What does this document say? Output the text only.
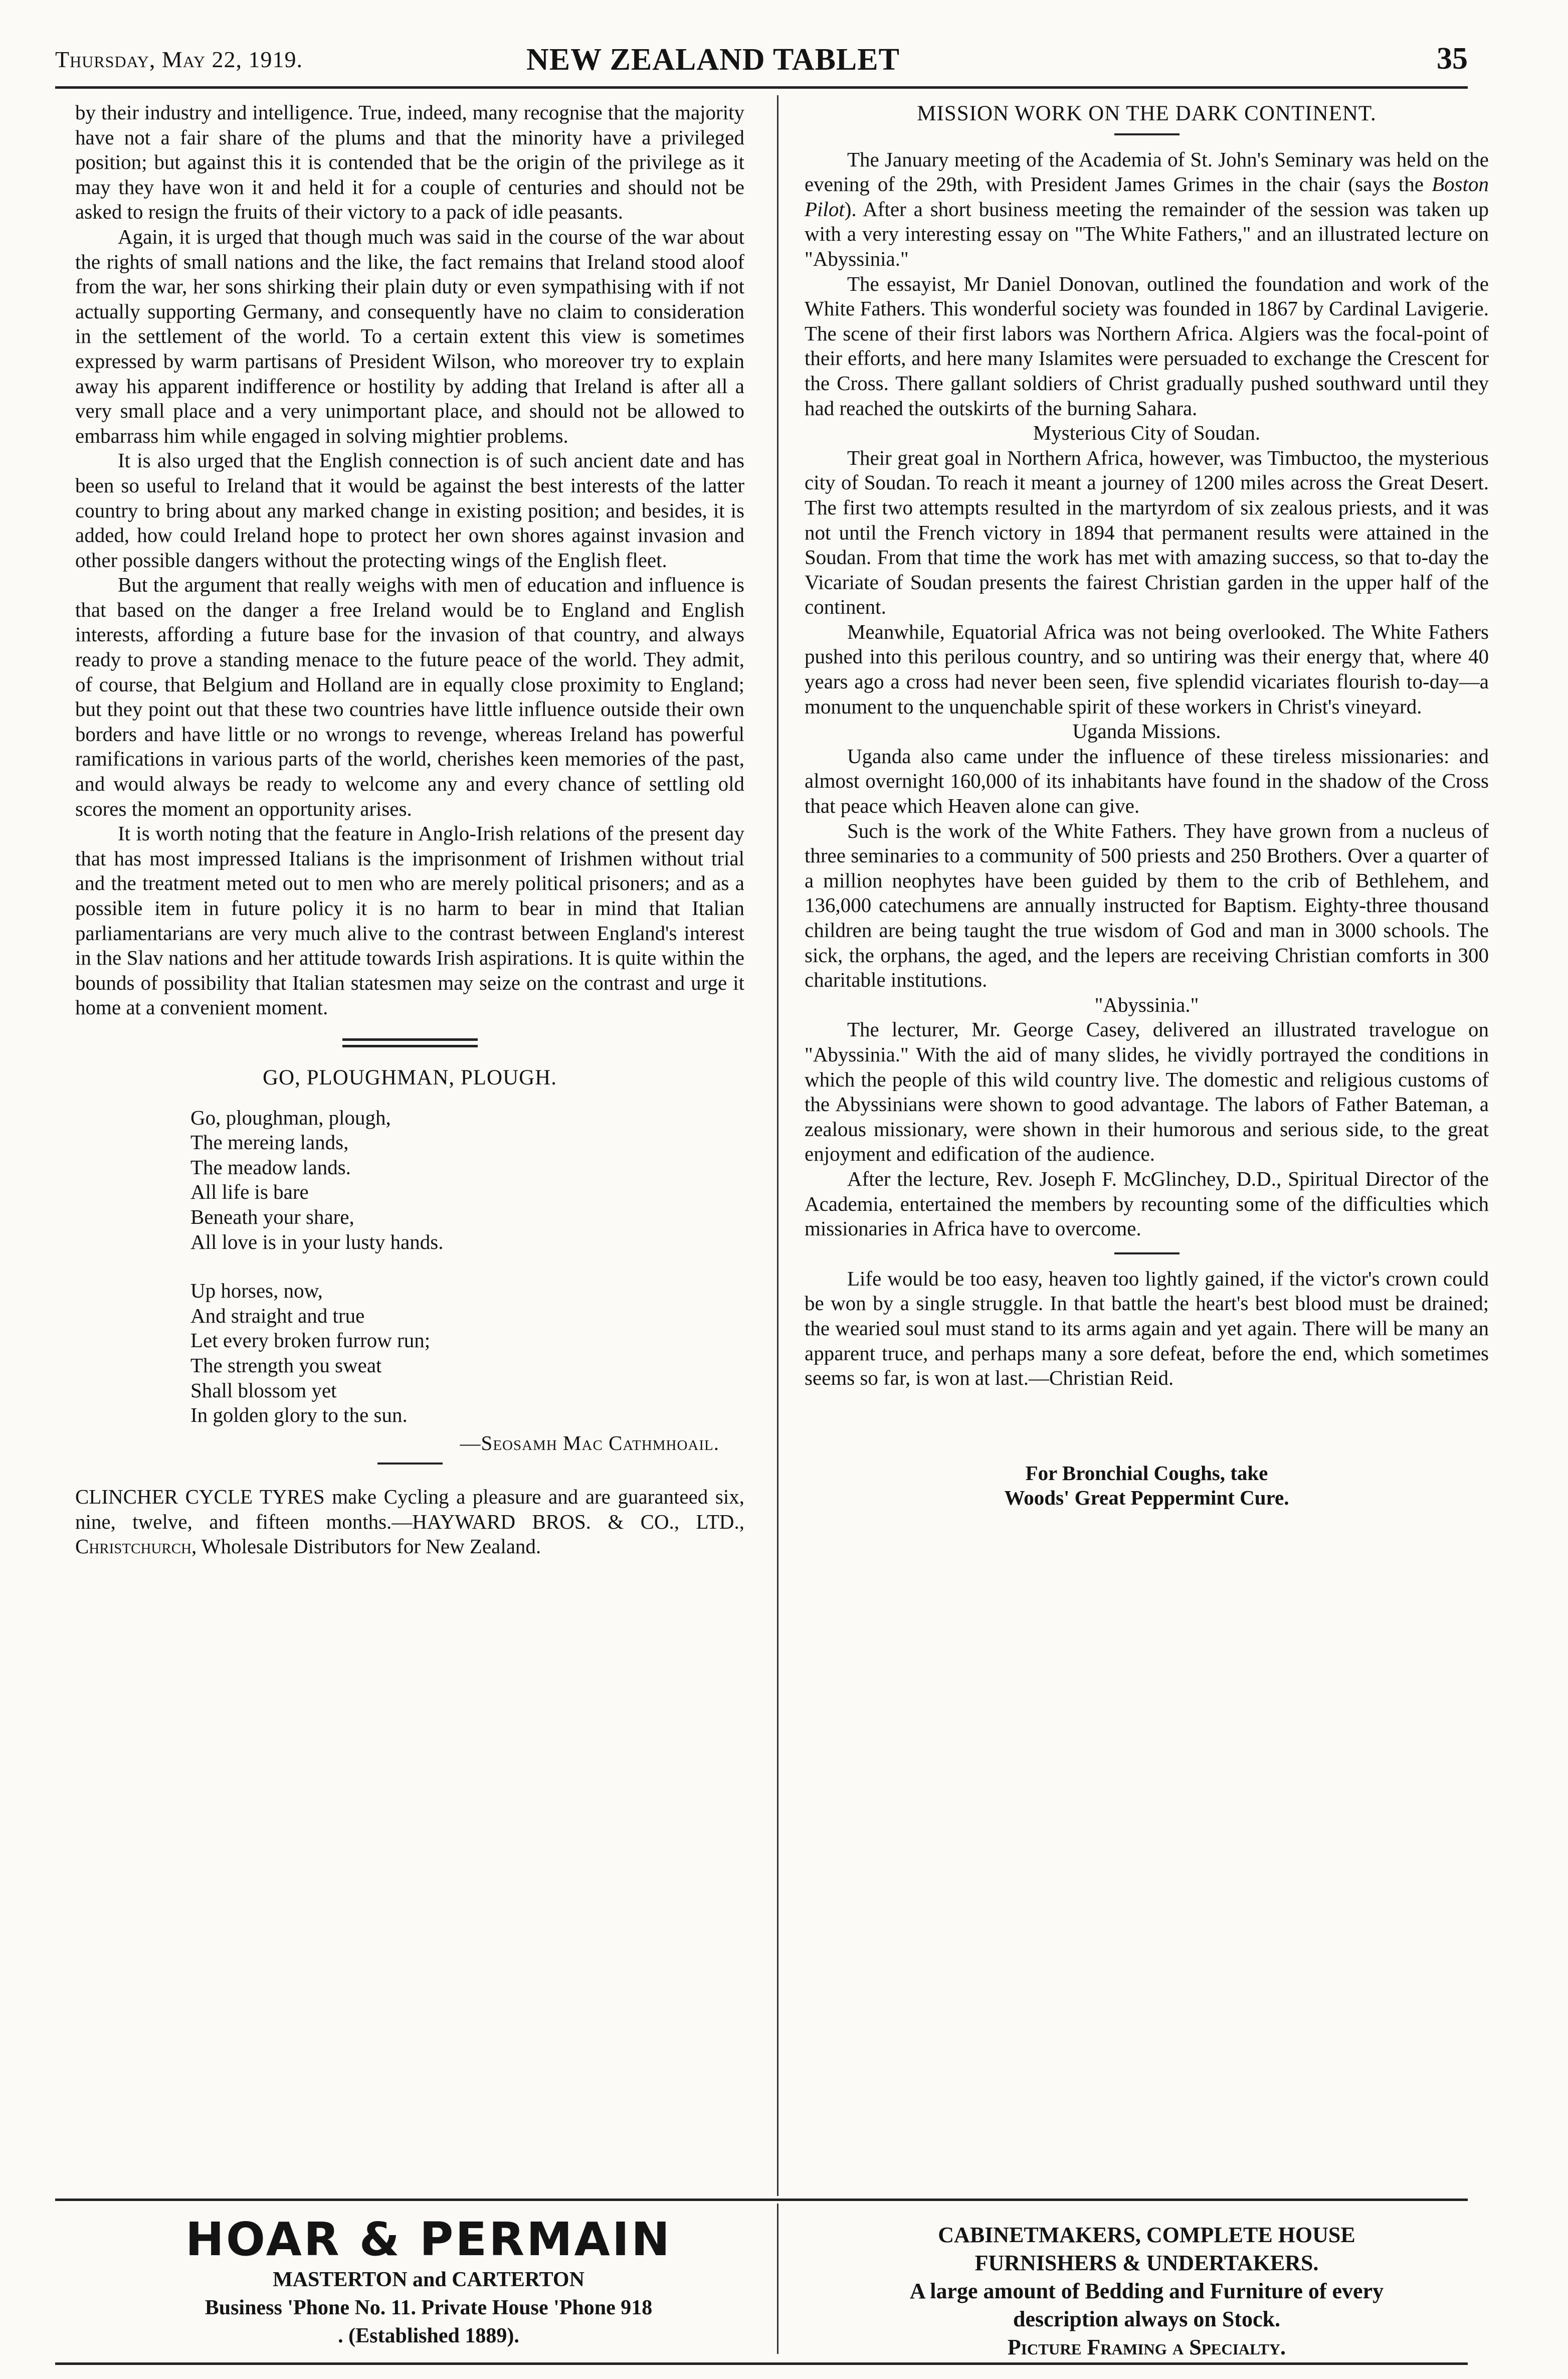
Thursday, May 22, 1919.	NEW ZEALAND TABLET	35

by their industry and intelligence. True, indeed, many recognise that the majority have not a fair share of the plums and that the minority have a privileged position; but against this it is contended that be the origin of the privilege as it may they have won it and held it for a couple of centuries and should not be asked to resign the fruits of their victory to a pack of idle peasants.

Again, it is urged that though much was said in the course of the war about the rights of small nations and the like, the fact remains that Ireland stood aloof from the war, her sons shirking their plain duty or even sympathising with if not actually supporting Germany, and consequently have no claim to consideration in the settlement of the world. To a certain extent this view is sometimes expressed by warm partisans of President Wilson, who moreover try to explain away his apparent indifference or hostility by adding that Ireland is after all a very small place and a very unimportant place, and should not be allowed to embarrass him while engaged in solving mightier problems.

It is also urged that the English connection is of such ancient date and has been so useful to Ireland that it would be against the best interests of the latter country to bring about any marked change in existing position; and besides, it is added, how could Ireland hope to protect her own shores against invasion and other possible dangers without the protecting wings of the English fleet.

But the argument that really weighs with men of education and influence is that based on the danger a free Ireland would be to England and English interests, affording a future base for the invasion of that country, and always ready to prove a standing menace to the future peace of the world. They admit, of course, that Belgium and Holland are in equally close proximity to England; but they point out that these two countries have little influence outside their own borders and have little or no wrongs to revenge, whereas Ireland has powerful ramifications in various parts of the world, cherishes keen memories of the past, and would always be ready to welcome any and every chance of settling old scores the moment an opportunity arises.

It is worth noting that the feature in Anglo-Irish relations of the present day that has most impressed Italians is the imprisonment of Irishmen without trial and the treatment meted out to men who are merely political prisoners; and as a possible item in future policy it is no harm to bear in mind that Italian parliamentarians are very much alive to the contrast between England's interest in the Slav nations and her attitude towards Irish aspirations. It is quite within the bounds of possibility that Italian statesmen may seize on the contrast and urge it home at a convenient moment.

GO, PLOUGHMAN, PLOUGH.
Go, ploughman, plough,
The mereing lands,
The meadow lands.
All life is bare
Beneath your share,
All love is in your lusty hands.
Up horses, now,
And straight and true
Let every broken furrow run;
The strength you sweat
Shall blossom yet
In golden glory to the sun.
—Seosamh Mac Cathmhoail.
CLINCHER CYCLE TYRES make Cycling a pleasure and are guaranteed six, nine, twelve, and fifteen months.—HAYWARD BROS. & CO., LTD., Christchurch, Wholesale Distributors for New Zealand.
MISSION WORK ON THE DARK CONTINENT.

The January meeting of the Academia of St. John's Seminary was held on the evening of the 29th, with President James Grimes in the chair (says the Boston Pilot). After a short business meeting the remainder of the session was taken up with a very interesting essay on "The White Fathers," and an illustrated lecture on "Abyssinia."

The essayist, Mr Daniel Donovan, outlined the foundation and work of the White Fathers. This wonderful society was founded in 1867 by Cardinal Lavigerie. The scene of their first labors was Northern Africa. Algiers was the focal-point of their efforts, and here many Islamites were persuaded to exchange the Crescent for the Cross. There gallant soldiers of Christ gradually pushed southward until they had reached the outskirts of the burning Sahara.

Mysterious City of Soudan.

Their great goal in Northern Africa, however, was Timbuctoo, the mysterious city of Soudan. To reach it meant a journey of 1200 miles across the Great Desert. The first two attempts resulted in the martyrdom of six zealous priests, and it was not until the French victory in 1894 that permanent results were attained in the Soudan. From that time the work has met with amazing success, so that to-day the Vicariate of Soudan presents the fairest Christian garden in the upper half of the continent.

Meanwhile, Equatorial Africa was not being overlooked. The White Fathers pushed into this perilous country, and so untiring was their energy that, where 40 years ago a cross had never been seen, five splendid vicariates flourish to-day—a monument to the unquenchable spirit of these workers in Christ's vineyard.

Uganda Missions.

Uganda also came under the influence of these tireless missionaries: and almost overnight 160,000 of its inhabitants have found in the shadow of the Cross that peace which Heaven alone can give.

Such is the work of the White Fathers. They have grown from a nucleus of three seminaries to a community of 500 priests and 250 Brothers. Over a quarter of a million neophytes have been guided by them to the crib of Bethlehem, and 136,000 catechumens are annually instructed for Baptism. Eighty-three thousand children are being taught the true wisdom of God and man in 3000 schools. The sick, the orphans, the aged, and the lepers are receiving Christian comforts in 300 charitable institutions.

"Abyssinia."

The lecturer, Mr. George Casey, delivered an illustrated travelogue on "Abyssinia." With the aid of many slides, he vividly portrayed the conditions in which the people of this wild country live. The domestic and religious customs of the Abyssinians were shown to good advantage. The labors of Father Bateman, a zealous missionary, were shown in their humorous and serious side, to the great enjoyment and edification of the audience.

After the lecture, Rev. Joseph F. McGlinchey, D.D., Spiritual Director of the Academia, entertained the members by recounting some of the difficulties which missionaries in Africa have to overcome.

Life would be too easy, heaven too lightly gained, if the victor's crown could be won by a single struggle. In that battle the heart's best blood must be drained; the wearied soul must stand to its arms again and yet again. There will be many an apparent truce, and perhaps many a sore defeat, before the end, which sometimes seems so far, is won at last.—Christian Reid.

For Bronchial Coughs, take
Woods' Great Peppermint Cure.
HOAR & PERMAIN
MASTERTON and CARTERTON
Business 'Phone No. 11. Private House 'Phone 918
. (Established 1889).
CABINETMAKERS, COMPLETE HOUSE
FURNISHERS & UNDERTAKERS.
A large amount of Bedding and Furniture of every
description always on Stock.
Picture Framing a Specialty.
